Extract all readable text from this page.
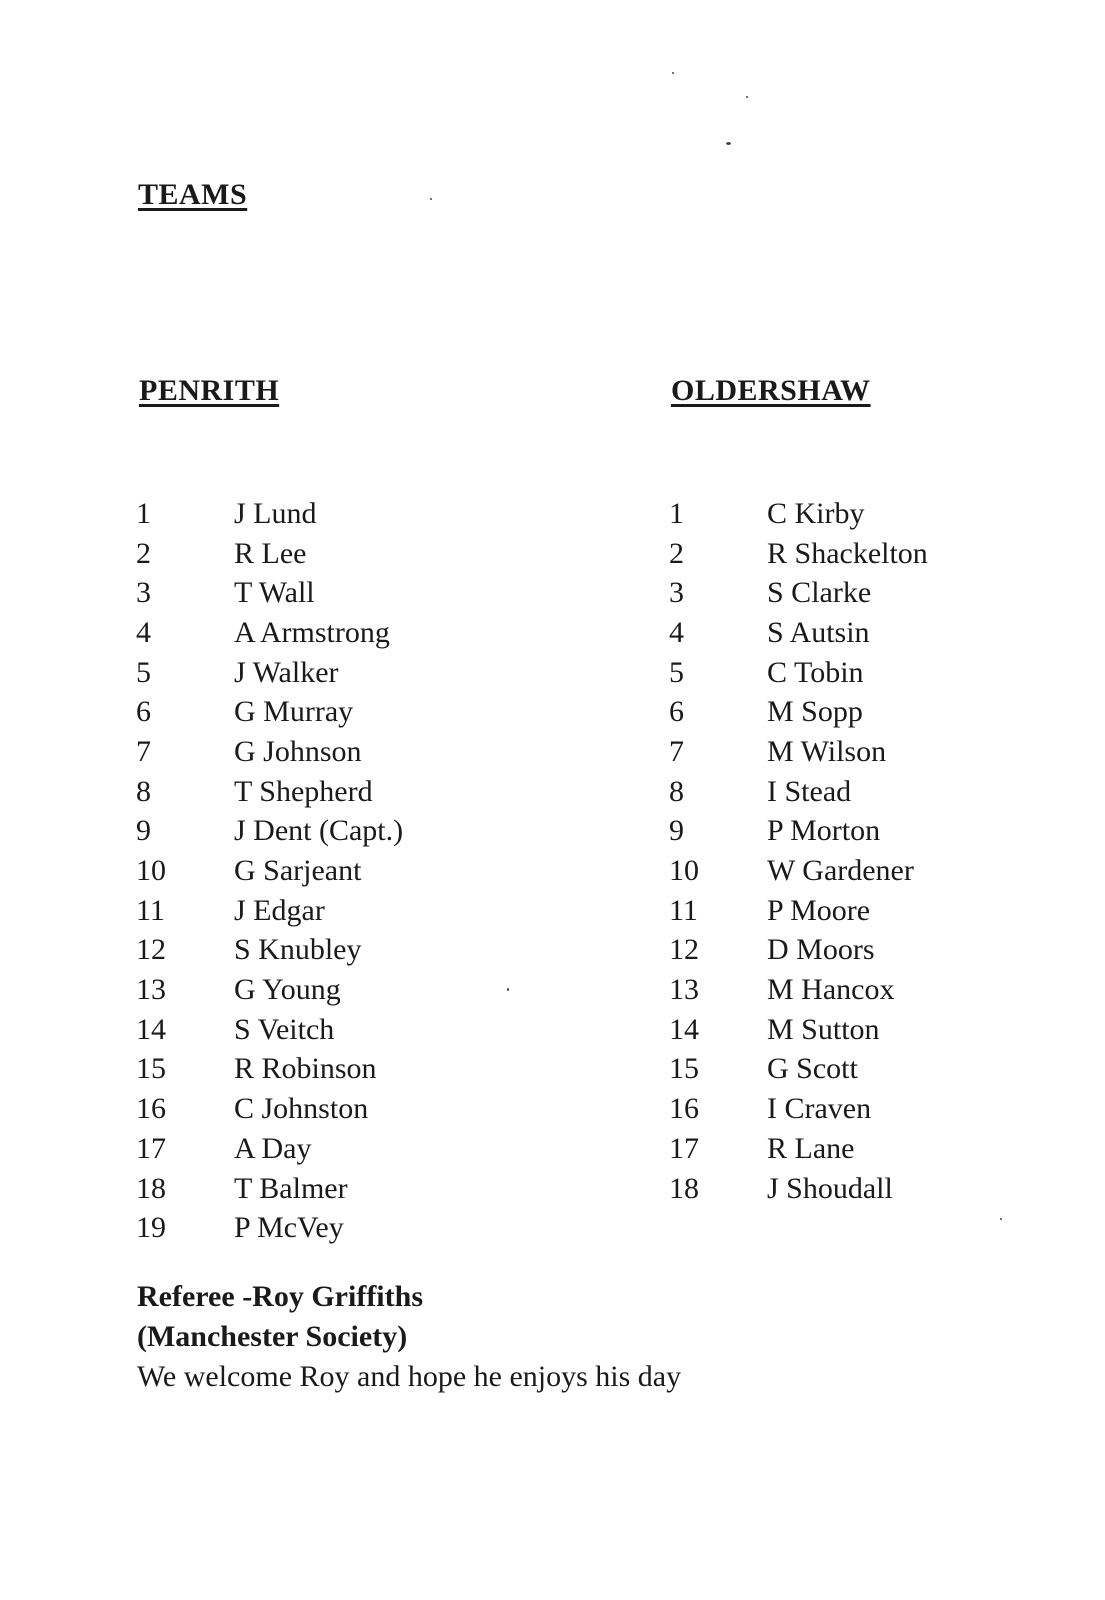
TEAMS
PENRITH	OLDERSHAW
1	J Lund
2	R Lee
3	T Wall
4	A Armstrong
5	J Walker
6	G Murray
7	G Johnson
8	T Shepherd
9	J Dent (Capt.)
10	G Sarjeant
11	J Edgar
12	S Knubley
13	G Young
14	S Veitch
15	R Robinson
16	C Johnston
17	A Day
18	T Balmer
19	P McVey
1	C Kirby
2	R Shackelton
3	S Clarke
4	S Autsin
5	C Tobin
6	M Sopp
7	M Wilson
8	I Stead
9	P Morton
10	W Gardener
11	P Moore
12	D Moors
13	M Hancox
14	M Sutton
15	G Scott
16	I Craven
17	R Lane
18	J Shoudall
Referee -Roy Griffiths
(Manchester Society)
We welcome Roy and hope he enjoys his day
